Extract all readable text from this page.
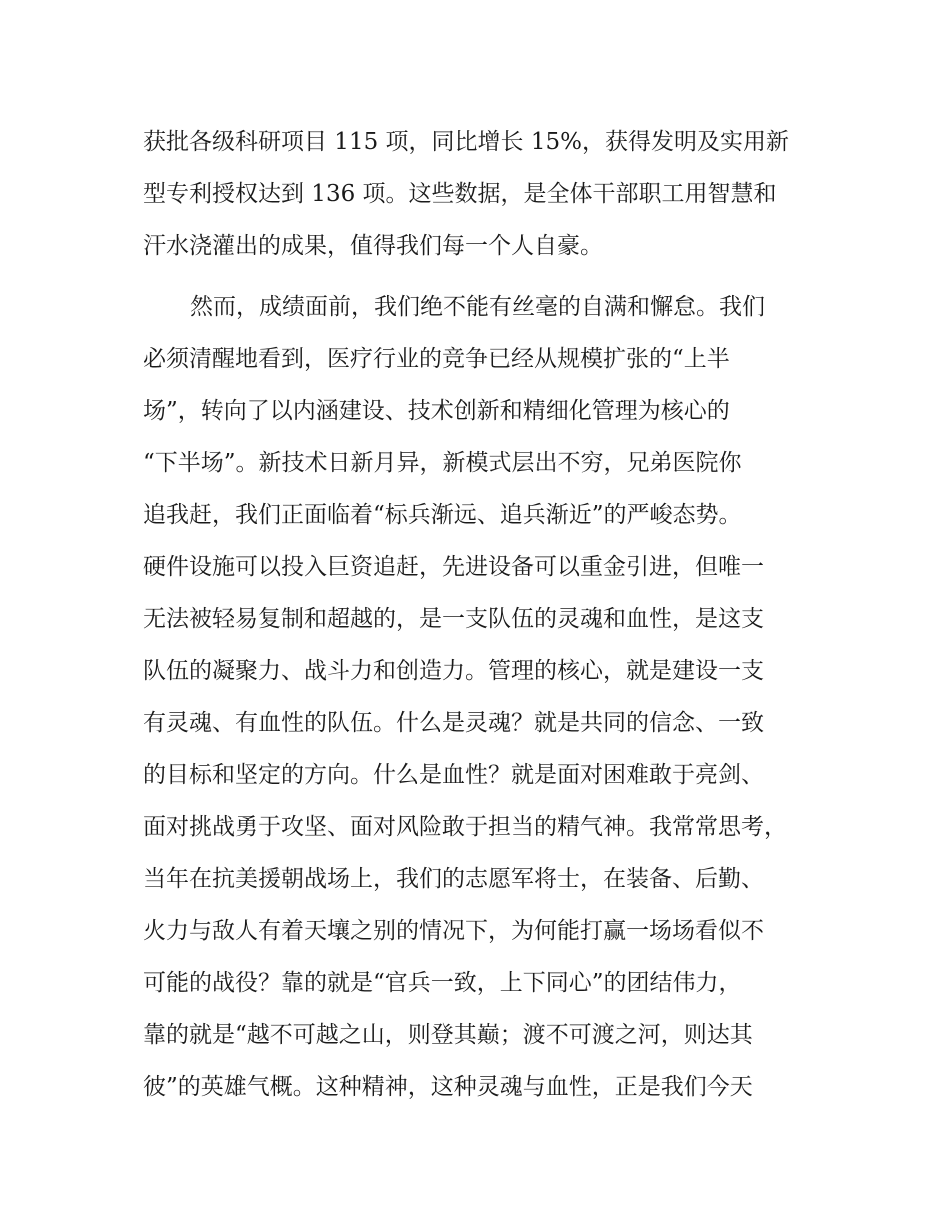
获批各级科研项目 115 项，同比增长 15%，获得发明及实用新
型专利授权达到 136 项。这些数据，是全体干部职工用智慧和
汗水浇灌出的成果，值得我们每一个人自豪。
然而，成绩面前，我们绝不能有丝毫的自满和懈怠。我们
必须清醒地看到，医疗行业的竞争已经从规模扩张的“上半
场”，转向了以内涵建设、技术创新和精细化管理为核心的
“下半场”。新技术日新月异，新模式层出不穷，兄弟医院你
追我赶，我们正面临着“标兵渐远、追兵渐近”的严峻态势。
硬件设施可以投入巨资追赶，先进设备可以重金引进，但唯一
无法被轻易复制和超越的，是一支队伍的灵魂和血性，是这支
队伍的凝聚力、战斗力和创造力。管理的核心，就是建设一支
有灵魂、有血性的队伍。什么是灵魂？就是共同的信念、一致
的目标和坚定的方向。什么是血性？就是面对困难敢于亮剑、
面对挑战勇于攻坚、面对风险敢于担当的精气神。我常常思考，
当年在抗美援朝战场上，我们的志愿军将士，在装备、后勤、
火力与敌人有着天壤之别的情况下，为何能打赢一场场看似不
可能的战役？靠的就是“官兵一致，上下同心”的团结伟力，
靠的就是“越不可越之山，则登其巅；渡不可渡之河，则达其
彼”的英雄气概。这种精神，这种灵魂与血性，正是我们今天
